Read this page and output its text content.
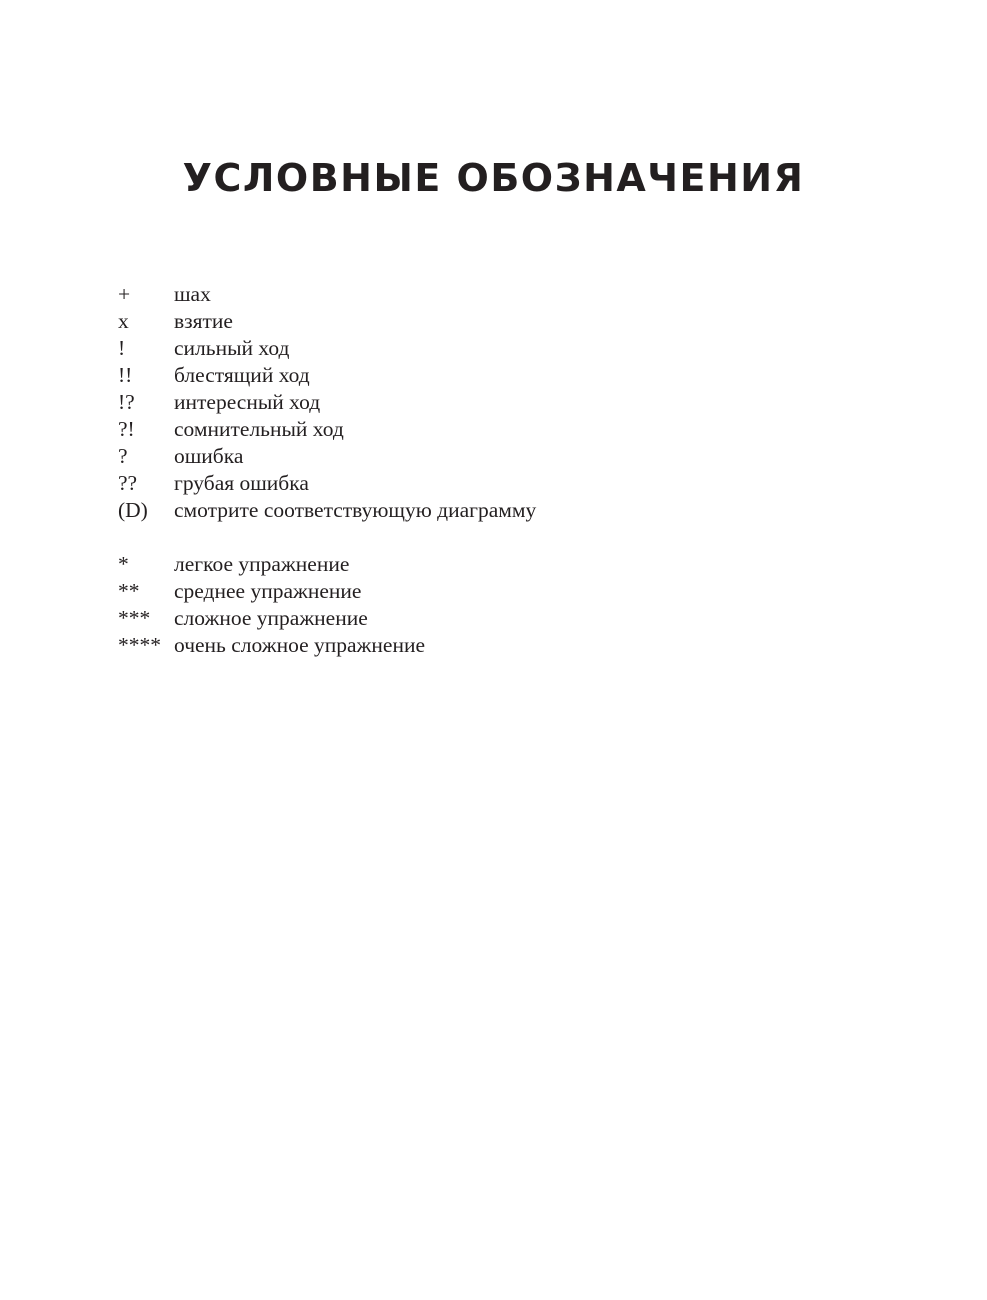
УСЛОВНЫЕ ОБОЗНАЧЕНИЯ
+	шах
x	взятие
!	сильный ход
!!	блестящий ход
!?	интересный ход
?!	сомнительный ход
?	ошибка
??	грубая ошибка
(D)	смотрите соответствующую диаграмму
*	легкое упражнение
**	среднее упражнение
***	сложное упражнение
**** очень сложное упражнение
